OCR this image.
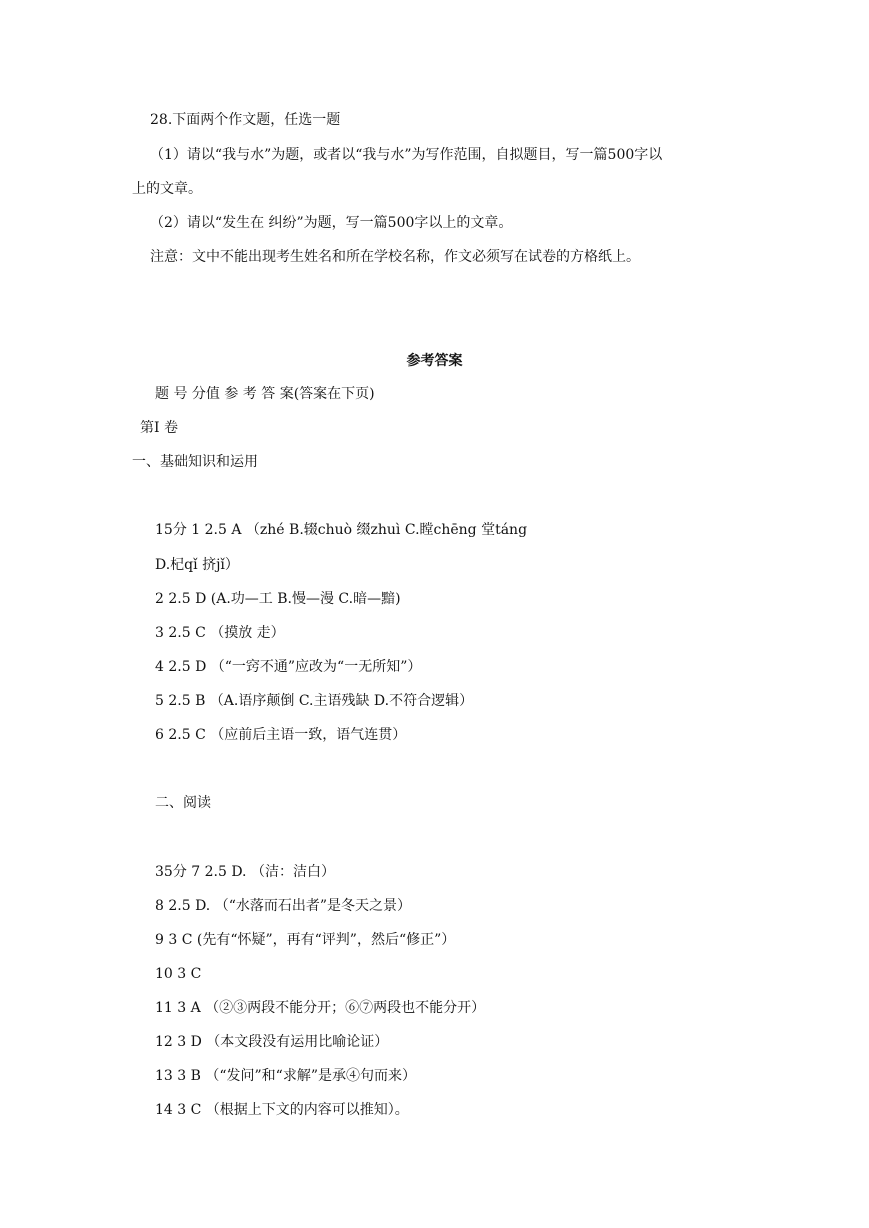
28.下面两个作文题，任选一题
（1）请以“我与水”为题，或者以“我与水”为写作范围，自拟题目，写一篇500字以
上的文章。
（2）请以“发生在 纠纷”为题，写一篇500字以上的文章。
注意：文中不能出现考生姓名和所在学校名称，作文必须写在试卷的方格纸上。
参考答案
题 号 分值 参 考 答 案(答案在下页)
第Ⅰ 卷
一、基础知识和运用
15分 1 2.5 A （zhé B.辍chuò 缀zhuì C.瞠chēng 堂táng
D.杞qǐ 挤jǐ）
2 2.5 D (A.功—工 B.慢—漫 C.暗—黯)
3 2.5 C （摸放 走）
4 2.5 D （“一窍不通”应改为“一无所知”）
5 2.5 B （A.语序颠倒 C.主语残缺 D.不符合逻辑）
6 2.5 C （应前后主语一致，语气连贯）
二、阅读
35分 7 2.5 D. （洁：洁白）
8 2.5 D. （“水落而石出者”是冬天之景）
9 3 C (先有“怀疑”，再有“评判”，然后“修正”）
10 3 C
11 3 A （②③两段不能分开；⑥⑦两段也不能分开）
12 3 D （本文段没有运用比喻论证）
13 3 B （“发问”和“求解”是承④句而来）
14 3 C （根据上下文的内容可以推知）。
